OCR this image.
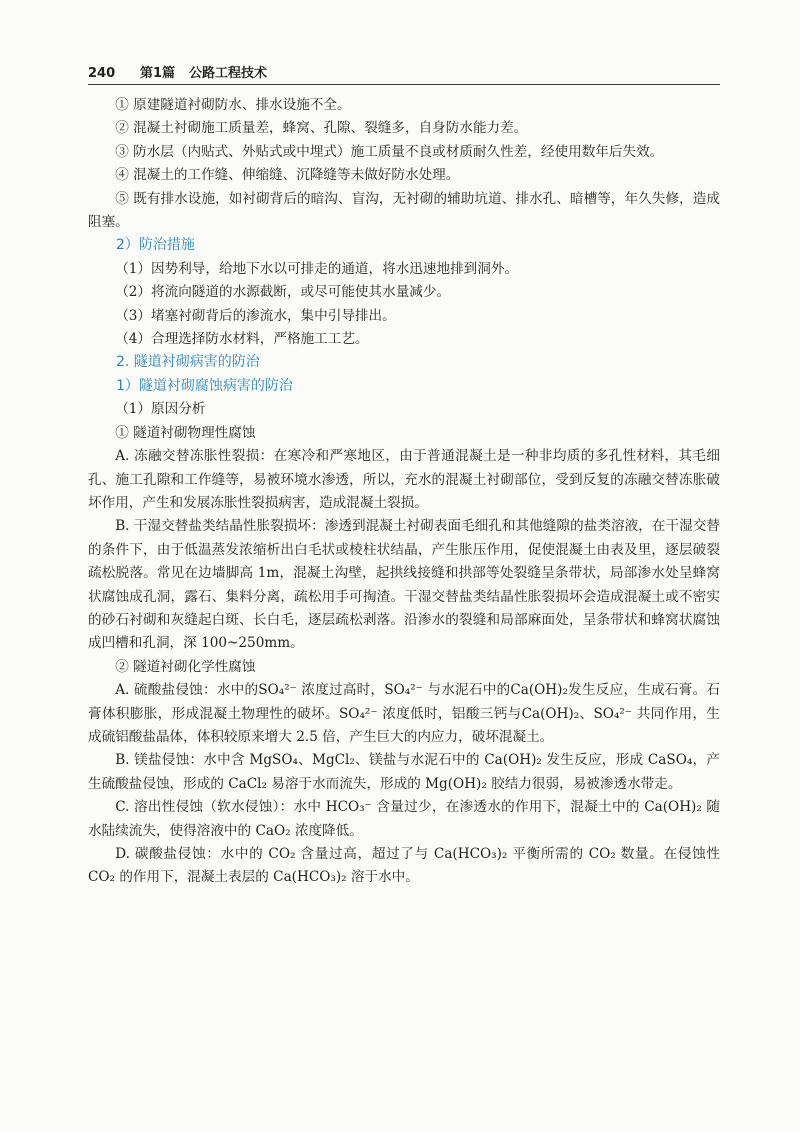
240	第1篇 公路工程技术

① 原建隧道衬砌防水、排水设施不全。

② 混凝土衬砌施工质量差，蜂窝、孔隙、裂缝多，自身防水能力差。

③ 防水层（内贴式、外贴式或中埋式）施工质量不良或材质耐久性差，经使用数年后失效。

④ 混凝土的工作缝、伸缩缝、沉降缝等未做好防水处理。

⑤ 既有排水设施，如衬砌背后的暗沟、盲沟，无衬砌的辅助坑道、排水孔、暗槽等，年久失修，造成阻塞。

2）防治措施

（1）因势利导，给地下水以可排走的通道，将水迅速地排到洞外。

（2）将流向隧道的水源截断，或尽可能使其水量减少。

（3）堵塞衬砌背后的渗流水，集中引导排出。

（4）合理选择防水材料，严格施工工艺。

2. 隧道衬砌病害的防治

1）隧道衬砌腐蚀病害的防治

（1）原因分析

① 隧道衬砌物理性腐蚀

A. 冻融交替冻胀性裂损：在寒冷和严寒地区，由于普通混凝土是一种非均质的多孔性材料，其毛细孔、施工孔隙和工作缝等，易被环境水渗透，所以，充水的混凝土衬砌部位，受到反复的冻融交替冻胀破坏作用，产生和发展冻胀性裂损病害，造成混凝土裂损。

B. 干湿交替盐类结晶性胀裂损坏：渗透到混凝土衬砌表面毛细孔和其他缝隙的盐类溶液，在干湿交替的条件下，由于低温蒸发浓缩析出白毛状或棱柱状结晶，产生胀压作用，促使混凝土由表及里，逐层破裂疏松脱落。常见在边墙脚高 1m，混凝土沟壁，起拱线接缝和拱部等处裂缝呈条带状，局部渗水处呈蜂窝状腐蚀成孔洞，露石、集料分离，疏松用手可掏渣。干湿交替盐类结晶性胀裂损坏会造成混凝土或不密实的砂石衬砌和灰缝起白斑、长白毛，逐层疏松剥落。沿渗水的裂缝和局部麻面处，呈条带状和蜂窝状腐蚀成凹槽和孔洞，深 100~250mm。

② 隧道衬砌化学性腐蚀

A. 硫酸盐侵蚀：水中的SO₄²⁻ 浓度过高时，SO₄²⁻ 与水泥石中的Ca(OH)₂发生反应，生成石膏。石膏体积膨胀，形成混凝土物理性的破坏。SO₄²⁻ 浓度低时，铝酸三钙与Ca(OH)₂、SO₄²⁻ 共同作用，生成硫铝酸盐晶体，体积较原来增大 2.5 倍，产生巨大的内应力，破坏混凝土。

B. 镁盐侵蚀：水中含 MgSO₄、MgCl₂、镁盐与水泥石中的 Ca(OH)₂ 发生反应，形成 CaSO₄，产生硫酸盐侵蚀，形成的 CaCl₂ 易溶于水而流失，形成的 Mg(OH)₂ 胶结力很弱，易被渗透水带走。

C. 溶出性侵蚀（软水侵蚀）：水中 HCO₃⁻ 含量过少，在渗透水的作用下，混凝土中的 Ca(OH)₂ 随水陆续流失，使得溶液中的 CaO₂ 浓度降低。

D. 碳酸盐侵蚀：水中的 CO₂ 含量过高，超过了与 Ca(HCO₃)₂ 平衡所需的 CO₂ 数量。在侵蚀性 CO₂ 的作用下，混凝土表层的 Ca(HCO₃)₂ 溶于水中。
